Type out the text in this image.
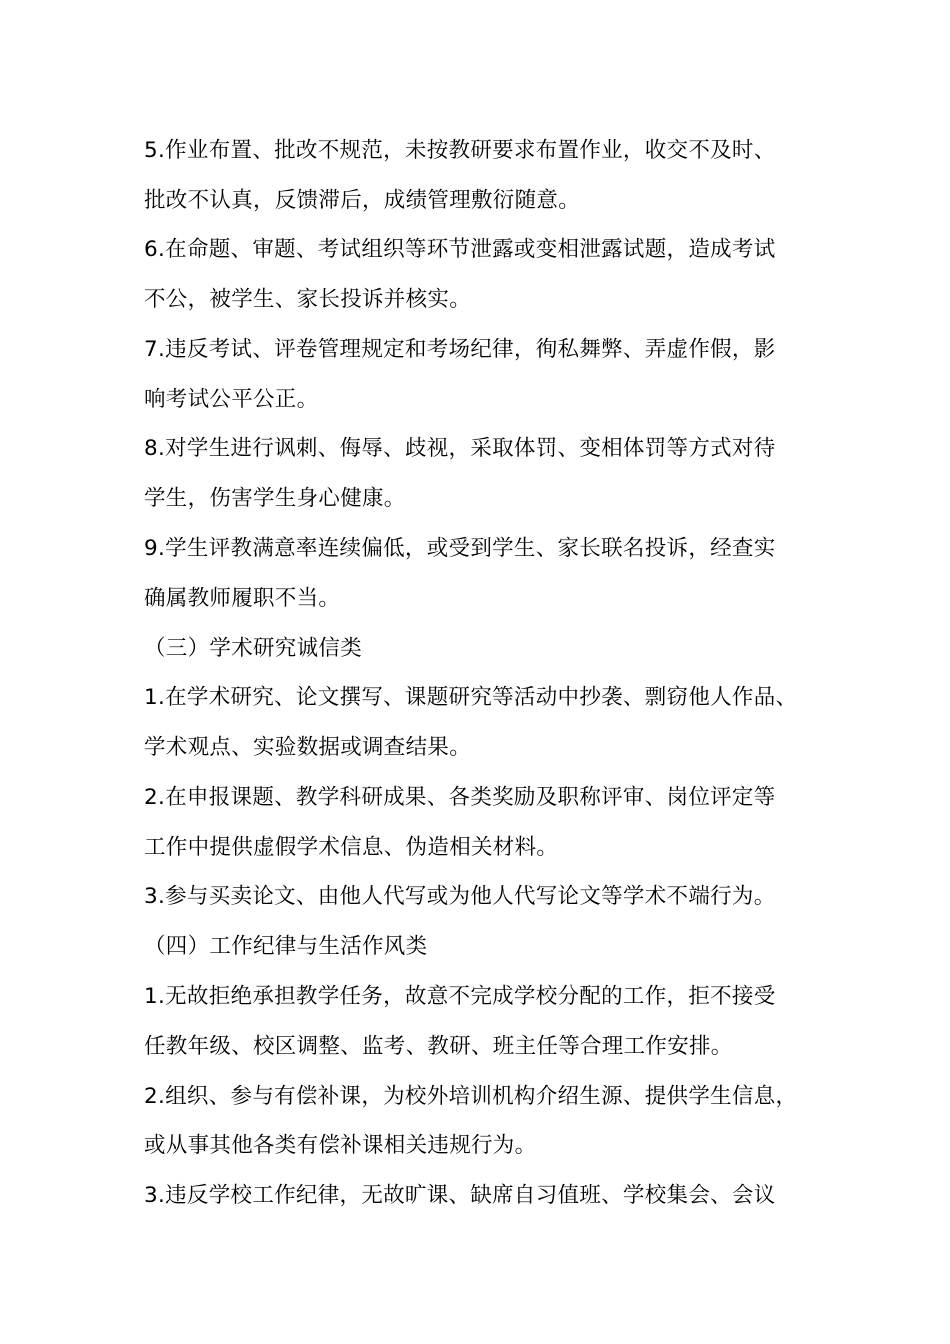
5.作业布置、批改不规范，未按教研要求布置作业，收交不及时、
批改不认真，反馈滞后，成绩管理敷衍随意。
6.在命题、审题、考试组织等环节泄露或变相泄露试题，造成考试
不公，被学生、家长投诉并核实。
7.违反考试、评卷管理规定和考场纪律，徇私舞弊、弄虚作假，影
响考试公平公正。
8.对学生进行讽刺、侮辱、歧视，采取体罚、变相体罚等方式对待
学生，伤害学生身心健康。
9.学生评教满意率连续偏低，或受到学生、家长联名投诉，经查实
确属教师履职不当。
（三）学术研究诚信类
1.在学术研究、论文撰写、课题研究等活动中抄袭、剽窃他人作品、
学术观点、实验数据或调查结果。
2.在申报课题、教学科研成果、各类奖励及职称评审、岗位评定等
工作中提供虚假学术信息、伪造相关材料。
3.参与买卖论文、由他人代写或为他人代写论文等学术不端行为。
（四）工作纪律与生活作风类
1.无故拒绝承担教学任务，故意不完成学校分配的工作，拒不接受
任教年级、校区调整、监考、教研、班主任等合理工作安排。
2.组织、参与有偿补课，为校外培训机构介绍生源、提供学生信息，
或从事其他各类有偿补课相关违规行为。
3.违反学校工作纪律，无故旷课、缺席自习值班、学校集会、会议
